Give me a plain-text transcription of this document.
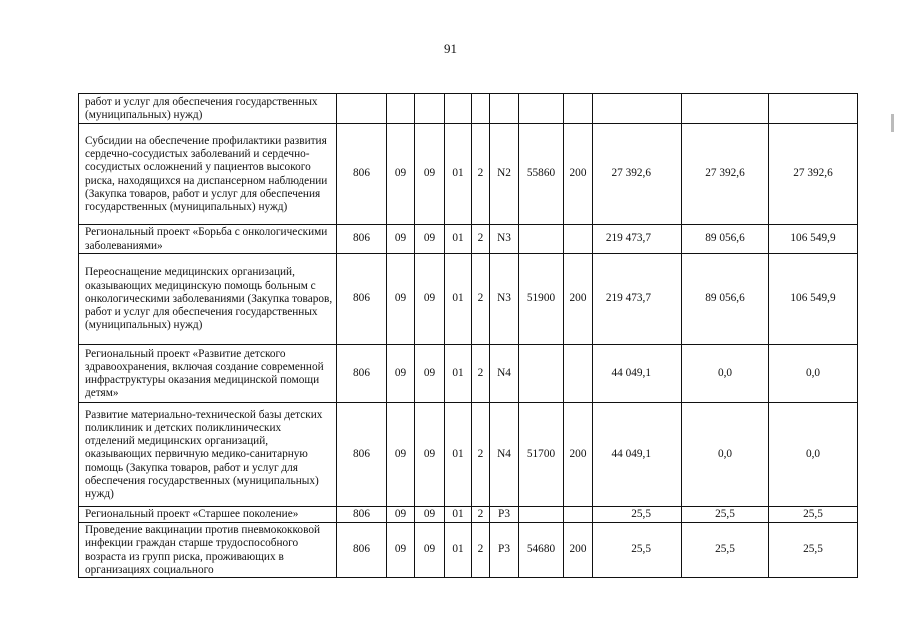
91
работ и услуг для обеспечения государственных (муниципальных) нужд)											
Субсидии на обеспечение профилактики развития сердечно-сосудистых заболеваний и сердечно-сосудистых осложнений у пациентов высокого риска, находящихся на диспансерном наблюдении (Закупка товаров, работ и услуг для обеспечения государственных (муниципальных) нужд)	806	09	09	01	2	N2	55860	200	27 392,6	27 392,6	27 392,6
Региональный проект «Борьба с онкологическими заболеваниями»	806	09	09	01	2	N3			219 473,7	89 056,6	106 549,9
Переоснащение медицинских организаций, оказывающих медицинскую помощь больным с онкологическими заболеваниями (Закупка товаров, работ и услуг для обеспечения государственных (муниципальных) нужд)	806	09	09	01	2	N3	51900	200	219 473,7	89 056,6	106 549,9
Региональный проект «Развитие детского здравоохранения, включая создание современной инфраструктуры оказания медицинской помощи детям»	806	09	09	01	2	N4			44 049,1	0,0	0,0
Развитие материально-технической базы детских поликлиник и детских поликлинических отделений медицинских организаций, оказывающих первичную медико-санитарную помощь (Закупка товаров, работ и услуг для обеспечения государственных (муниципальных) нужд)	806	09	09	01	2	N4	51700	200	44 049,1	0,0	0,0
Региональный проект «Старшее поколение»	806	09	09	01	2	P3			25,5	25,5	25,5
Проведение вакцинации против пневмококковой инфекции граждан старше трудоспособного возраста из групп риска, проживающих в организациях социального	806	09	09	01	2	P3	54680	200	25,5	25,5	25,5
